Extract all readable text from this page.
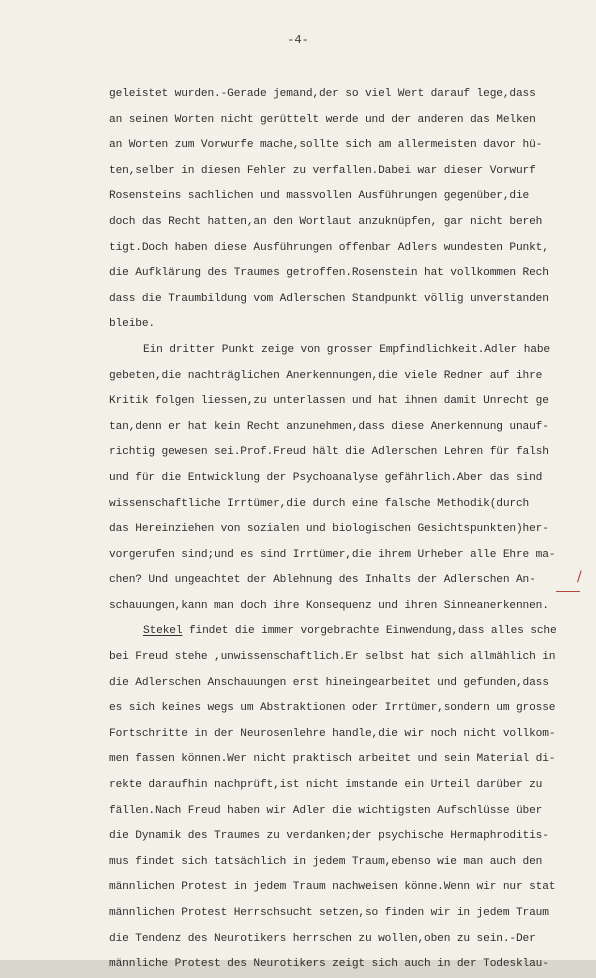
-4-
geleistet wurden.-Gerade jemand,der so viel Wert darauf lege,dass
an seinen Worten nicht gerüttelt werde und der anderen das Melken
an Worten zum Vorwurfe mache,sollte sich am allermeisten davor hü-
ten,selber in diesen Fehler zu verfallen.Dabei war dieser Vorwurf
Rosensteins sachlichen und massvollen Ausführungen gegenüber,die
doch das Recht hatten,an den Wortlaut anzuknüpfen, gar nicht bereh
tigt.Doch haben diese Ausführungen offenbar Adlers wundesten Punkt,
die Aufklärung des Traumes getroffen.Rosenstein hat vollkommen Rech
dass die Traumbildung vom Adlerschen Standpunkt völlig unverstanden
bleibe.
Ein dritter Punkt zeige von grosser Empfindlichkeit.Adler habe
gebeten,die nachträglichen Anerkennungen,die viele Redner auf ihre
Kritik folgen liessen,zu unterlassen und hat ihnen damit Unrecht ge
tan,denn er hat kein Recht anzunehmen,dass diese Anerkennung unauf-
richtig gewesen sei.Prof.Freud hält die Adlerschen Lehren für falsh
und für die Entwicklung der Psychoanalyse gefährlich.Aber das sind
wissenschaftliche Irrtümer,die durch eine falsche Methodik(durch
das Hereinziehen von sozialen und biologischen Gesichtspunkten)her-
vorgerufen sind;und es sind Irrtümer,die ihrem Urheber alle Ehre ma-
chen? Und ungeachtet der Ablehnung des Inhalts der Adlerschen An-
schauungen,kann man doch ihre Konsequenz und ihren Sinneanerkennen.
Stekel findet die immer vorgebrachte Einwendung,dass alles sche
bei Freud stehe ,unwissenschaftlich.Er selbst hat sich allmählich in
die Adlerschen Anschauungen erst hineingearbeitet und gefunden,dass
es sich keines wegs um Abstraktionen oder Irrtümer,sondern um grosse
Fortschritte in der Neurosenlehre handle,die wir noch nicht vollkom-
men fassen können.Wer nicht praktisch arbeitet und sein Material di-
rekte daraufhin nachprüft,ist nicht imstande ein Urteil darüber zu
fällen.Nach Freud haben wir Adler die wichtigsten Aufschlüsse über
die Dynamik des Traumes zu verdanken;der psychische Hermaphroditis-
mus findet sich tatsächlich in jedem Traum,ebenso wie man auch den
männlichen Protest in jedem Traum nachweisen könne.Wenn wir nur stat
männlichen Protest Herrschsucht setzen,so finden wir in jedem Traum
die Tendenz des Neurotikers herrschen zu wollen,oben zu sein.-Der
männliche Protest des Neurotikers zeigt sich auch in der Todesklau-
/
